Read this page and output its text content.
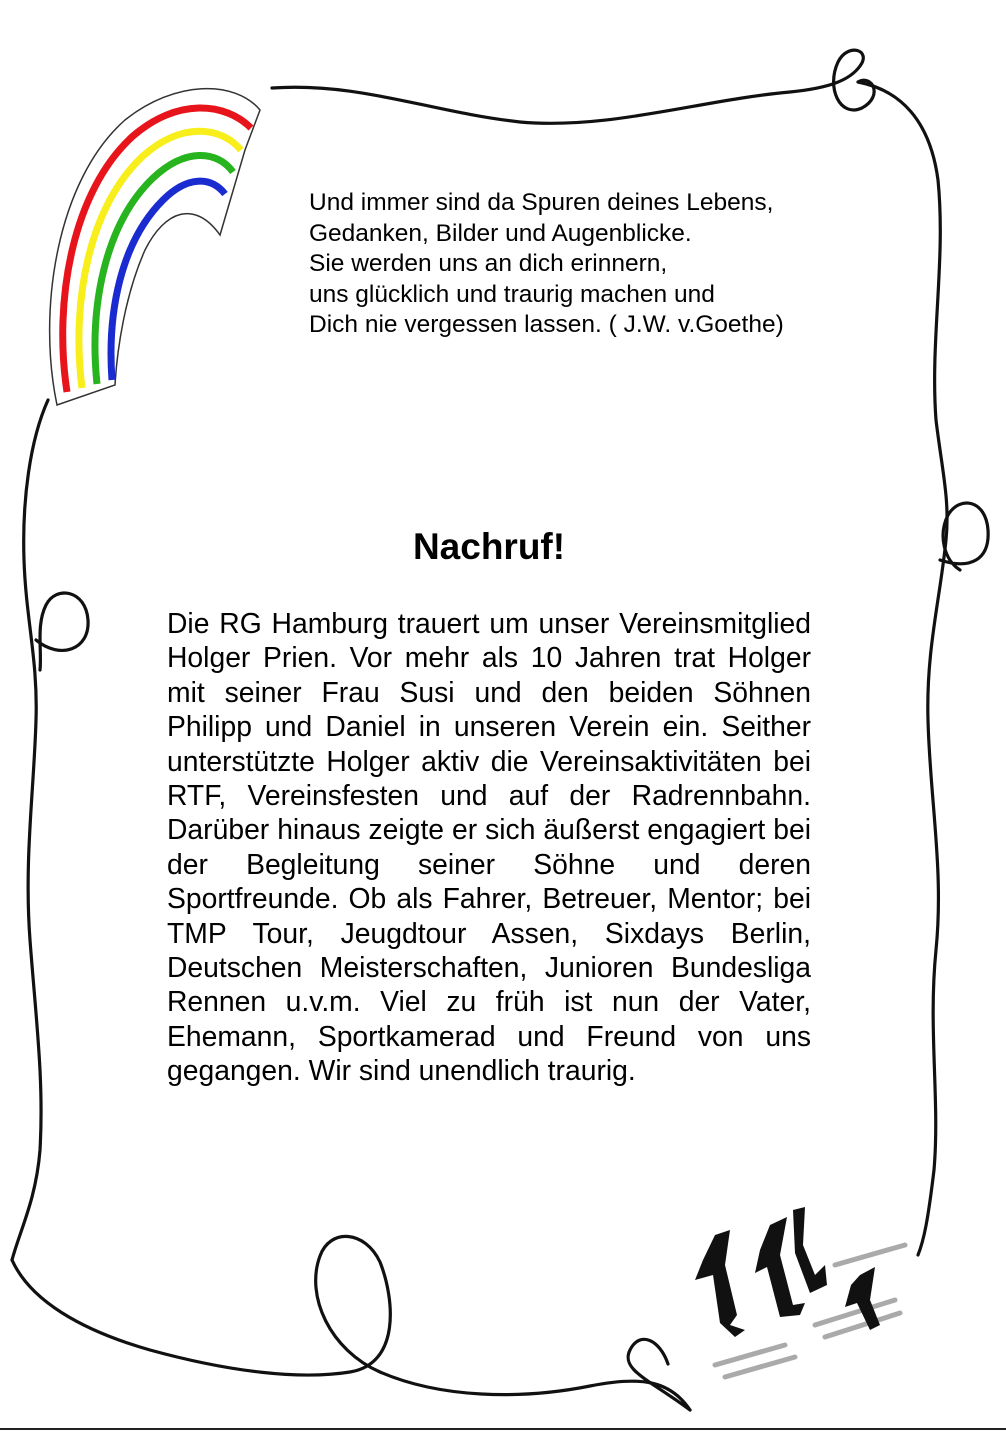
Und immer sind da Spuren deines Lebens,
Gedanken, Bilder und Augenblicke.
Sie werden uns an dich erinnern,
uns glücklich und traurig machen und
Dich nie vergessen lassen. ( J.W. v.Goethe)
Nachruf!
Die RG Hamburg trauert um unser Vereinsmitglied Holger Prien. Vor mehr als 10 Jahren trat Holger mit seiner Frau Susi und den beiden Söhnen Philipp und Daniel in unseren Verein ein. Seither unterstützte Holger aktiv die Vereinsaktivitäten bei RTF, Vereinsfesten und auf der Radrennbahn. Darüber hinaus zeigte er sich äußerst engagiert bei der Begleitung seiner Söhne und deren Sportfreunde. Ob als Fahrer, Betreuer, Mentor; bei TMP Tour, Jeugdtour Assen, Sixdays Berlin, Deutschen Meisterschaften, Junioren Bundesliga Rennen u.v.m. Viel zu früh ist nun der Vater, Ehemann, Sportkamerad und Freund von uns gegangen. Wir sind unendlich traurig.
